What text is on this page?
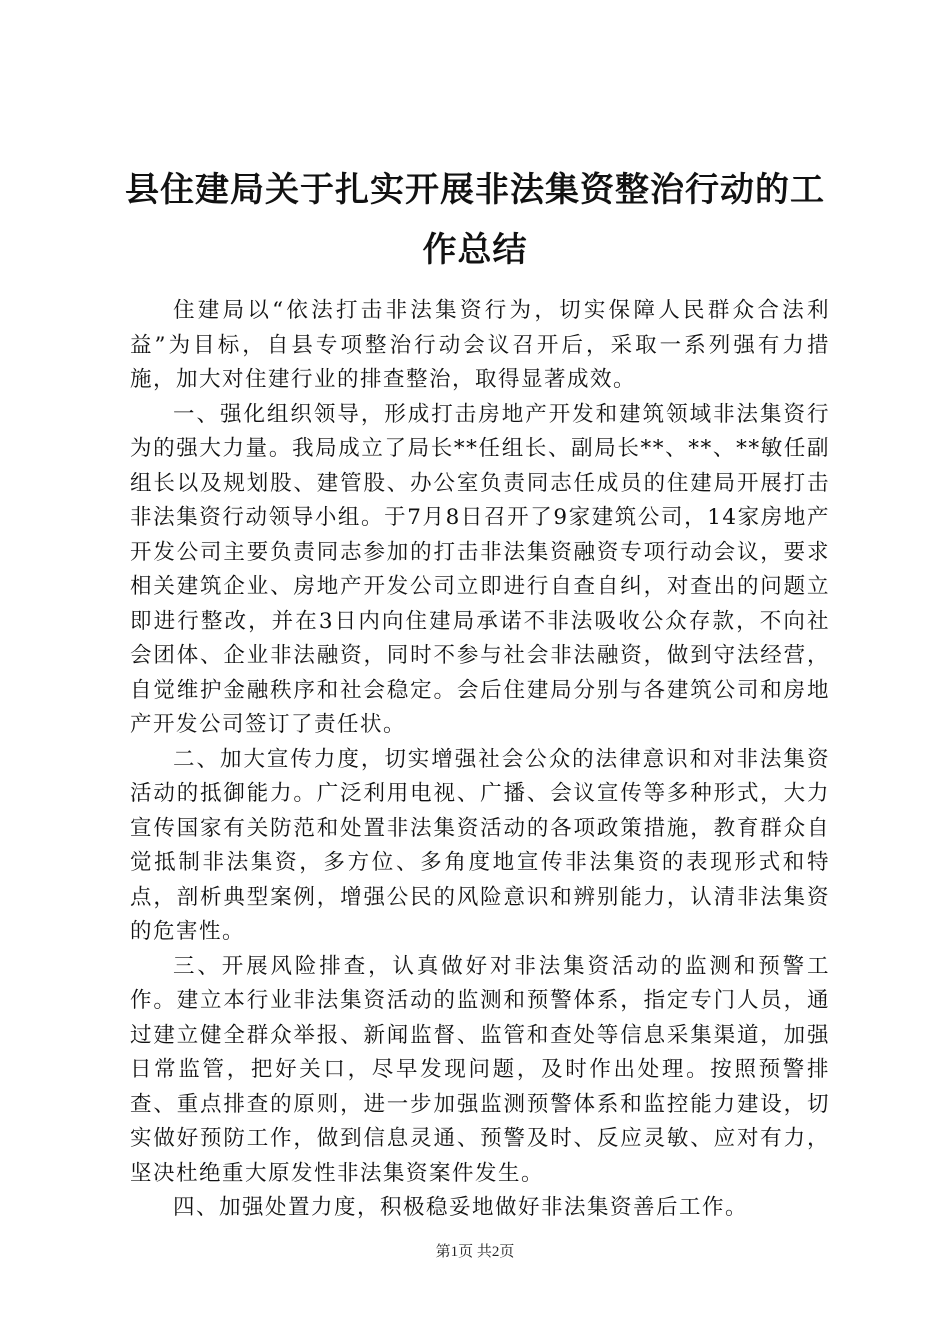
县住建局关于扎实开展非法集资整治行动的工作总结

住建局以“依法打击非法集资行为，切实保障人民群众合法利益”为目标，自县专项整治行动会议召开后，采取一系列强有力措施，加大对住建行业的排查整治，取得显著成效。

一、强化组织领导，形成打击房地产开发和建筑领域非法集资行为的强大力量。我局成立了局长**任组长、副局长**、**、**敏任副组长以及规划股、建管股、办公室负责同志任成员的住建局开展打击非法集资行动领导小组。于7月8日召开了9家建筑公司，14家房地产开发公司主要负责同志参加的打击非法集资融资专项行动会议，要求相关建筑企业、房地产开发公司立即进行自查自纠，对查出的问题立即进行整改，并在3日内向住建局承诺不非法吸收公众存款，不向社会团体、企业非法融资，同时不参与社会非法融资，做到守法经营，自觉维护金融秩序和社会稳定。会后住建局分别与各建筑公司和房地产开发公司签订了责任状。

二、加大宣传力度，切实增强社会公众的法律意识和对非法集资活动的抵御能力。广泛利用电视、广播、会议宣传等多种形式，大力宣传国家有关防范和处置非法集资活动的各项政策措施，教育群众自觉抵制非法集资，多方位、多角度地宣传非法集资的表现形式和特点，剖析典型案例，增强公民的风险意识和辨别能力，认清非法集资的危害性。

三、开展风险排查，认真做好对非法集资活动的监测和预警工作。建立本行业非法集资活动的监测和预警体系，指定专门人员，通过建立健全群众举报、新闻监督、监管和查处等信息采集渠道，加强日常监管，把好关口，尽早发现问题，及时作出处理。按照预警排查、重点排查的原则，进一步加强监测预警体系和监控能力建设，切实做好预防工作，做到信息灵通、预警及时、反应灵敏、应对有力，坚决杜绝重大原发性非法集资案件发生。

四、加强处置力度，积极稳妥地做好非法集资善后工作。

第1页 共2页
